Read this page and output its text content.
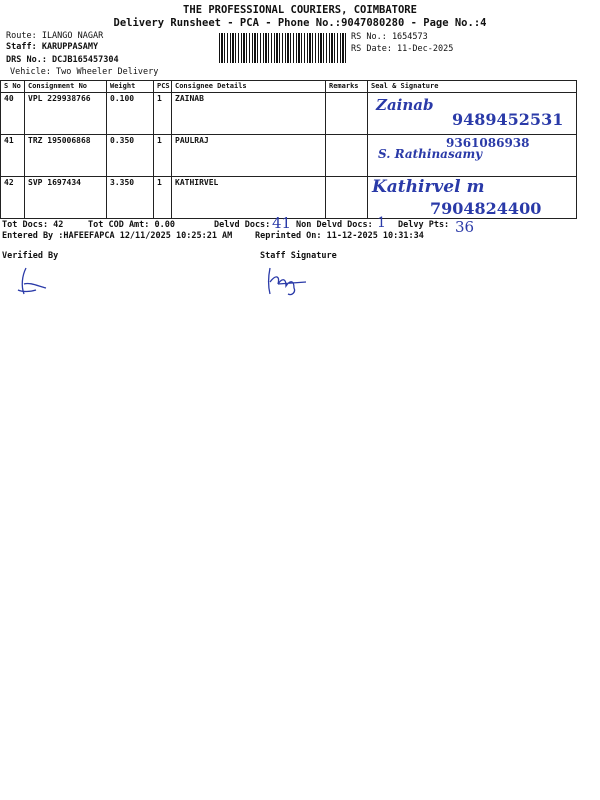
THE PROFESSIONAL COURIERS, COIMBATORE
Delivery Runsheet - PCA - Phone No.:9047080280 - Page No.:4
Route: ILANGO NAGAR
Staff: KARUPPASAMY
DRS No.: DCJB165457304
Vehicle: Two Wheeler Delivery
RS No.: 1654573
RS Date: 11-Dec-2025
S No	Consignment No	Weight	PCS	Consignee Details	Remarks	Seal & Signature
40	VPL 229938766	0.100	1	ZAINAB		Zainab
9489452531

41	TRZ 195006868	0.350	1	PAULRAJ		9361086938
S. Rathinasamy

42	SVP 1697434	3.350	1	KATHIRVEL		Kathirvel m
7904824400
Tot Docs: 42	Tot COD Amt: 0.00	Delvd Docs: 41 Non Delvd Docs: 1 Delvy Pts: 36
Entered By :HAFEEFAPCA 12/11/2025 10:25:21 AM	Reprinted On: 11-12-2025 10:31:34
Verified By	Staff Signature
